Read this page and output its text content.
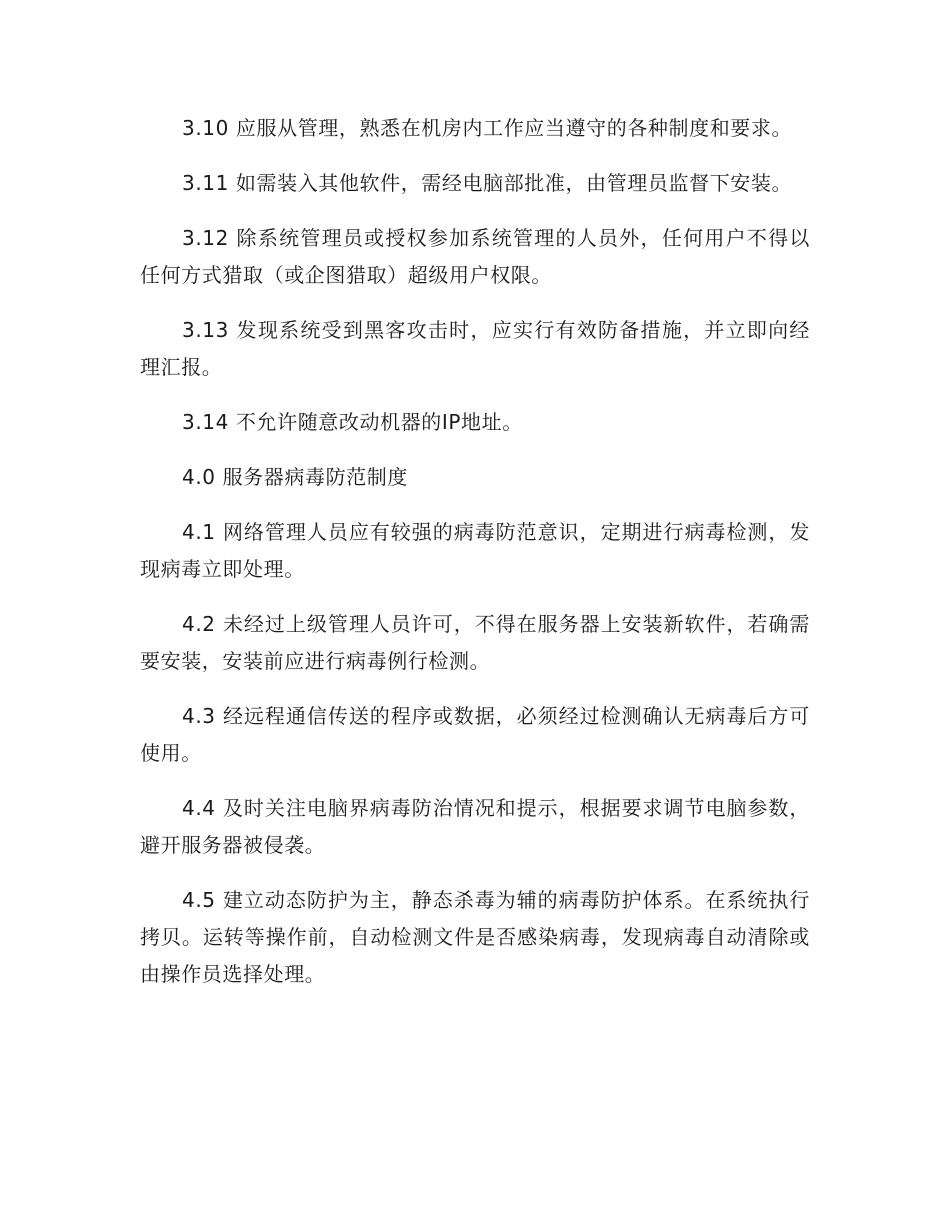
3.10 应服从管理，熟悉在机房内工作应当遵守的各种制度和要求。

3.11 如需装入其他软件，需经电脑部批准，由管理员监督下安装。

3.12 除系统管理员或授权参加系统管理的人员外，任何用户不得以任何方式猎取（或企图猎取）超级用户权限。

3.13 发现系统受到黑客攻击时，应实行有效防备措施，并立即向经理汇报。

3.14 不允许随意改动机器的IP地址。

4.0 服务器病毒防范制度

4.1 网络管理人员应有较强的病毒防范意识，定期进行病毒检测，发现病毒立即处理。

4.2 未经过上级管理人员许可，不得在服务器上安装新软件，若确需要安装，安装前应进行病毒例行检测。

4.3 经远程通信传送的程序或数据，必须经过检测确认无病毒后方可使用。

4.4 及时关注电脑界病毒防治情况和提示，根据要求调节电脑参数，避开服务器被侵袭。

4.5 建立动态防护为主，静态杀毒为辅的病毒防护体系。在系统执行拷贝。运转等操作前，自动检测文件是否感染病毒，发现病毒自动清除或由操作员选择处理。
